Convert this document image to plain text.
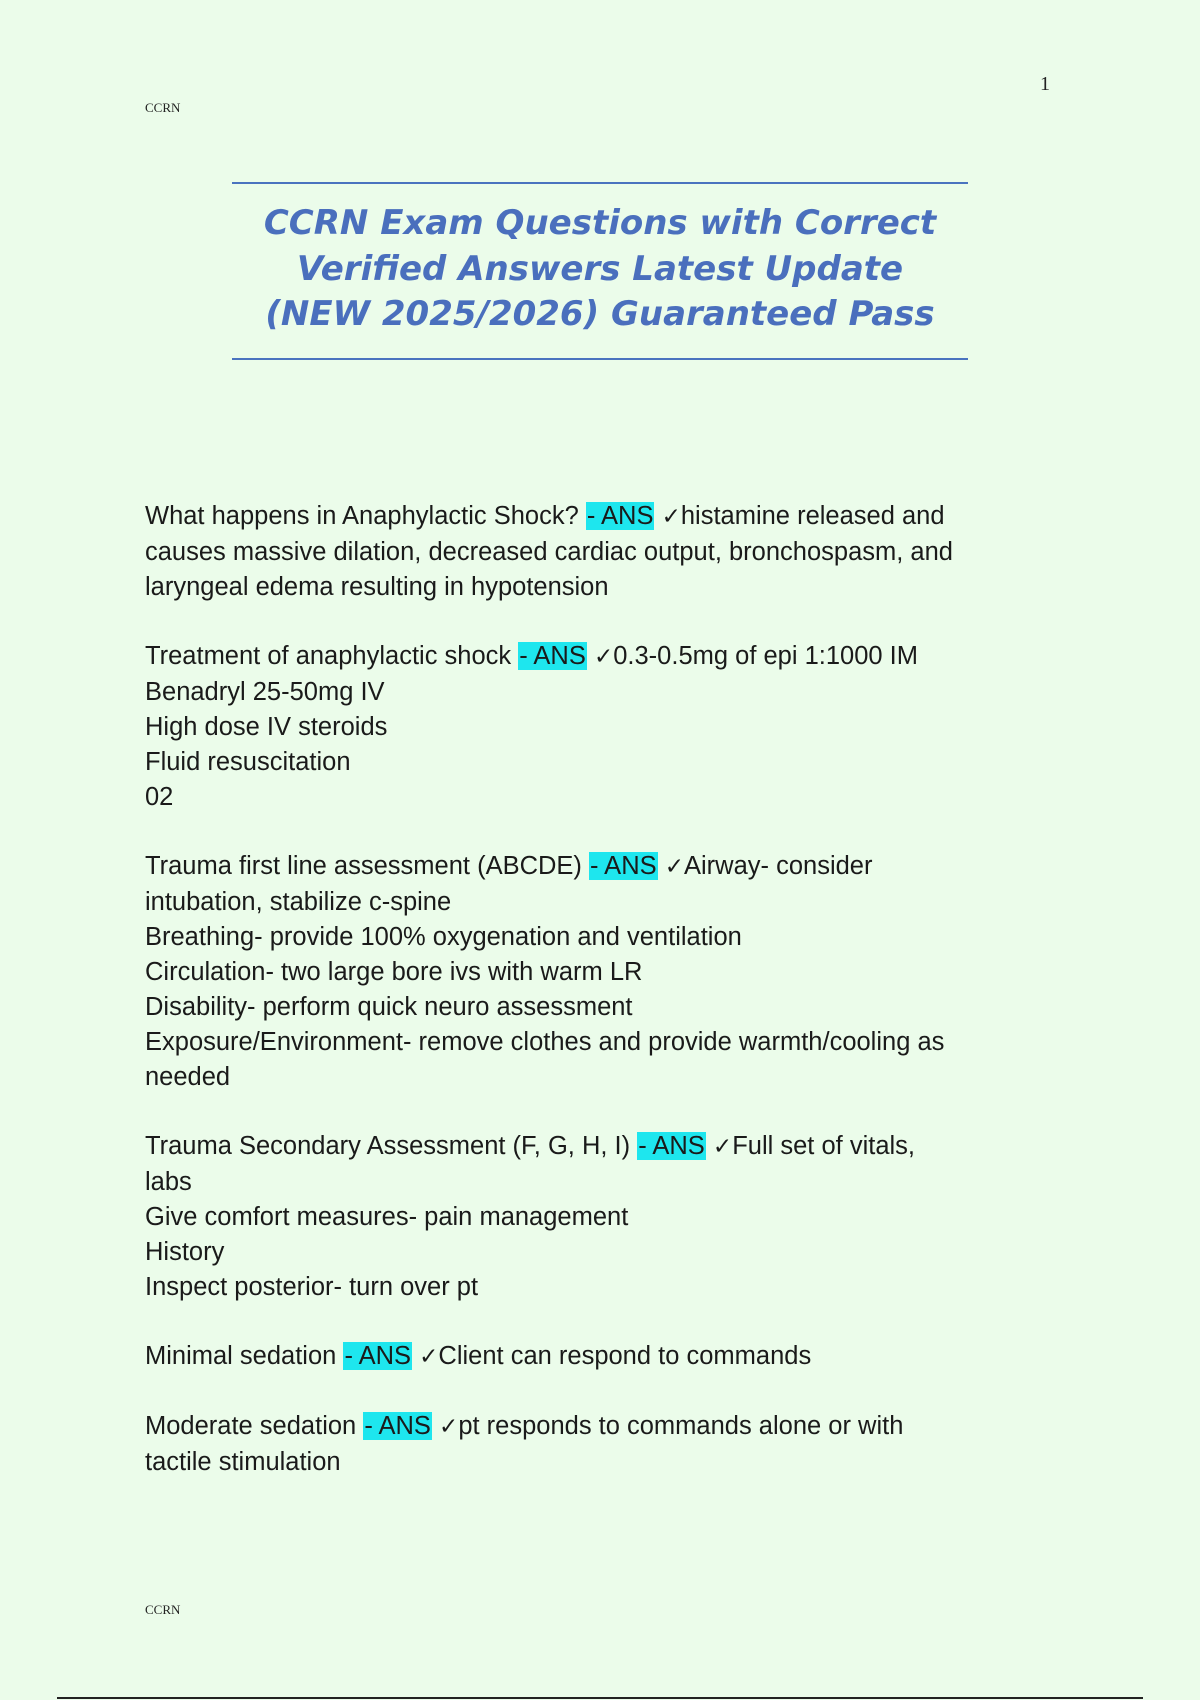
1
CCRN
CCRN Exam Questions with Correct
Verified Answers Latest Update
(NEW 2025/2026) Guaranteed Pass
What happens in Anaphylactic Shock? - ANS ✓histamine released and
causes massive dilation, decreased cardiac output, bronchospasm, and
laryngeal edema resulting in hypotension
Treatment of anaphylactic shock - ANS ✓0.3-0.5mg of epi 1:1000 IM
Benadryl 25-50mg IV
High dose IV steroids
Fluid resuscitation
02
Trauma first line assessment (ABCDE) - ANS ✓Airway- consider
intubation, stabilize c-spine
Breathing- provide 100% oxygenation and ventilation
Circulation- two large bore ivs with warm LR
Disability- perform quick neuro assessment
Exposure/Environment- remove clothes and provide warmth/cooling as
needed
Trauma Secondary Assessment (F, G, H, I) - ANS ✓Full set of vitals,
labs
Give comfort measures- pain management
History
Inspect posterior- turn over pt
Minimal sedation - ANS ✓Client can respond to commands
Moderate sedation - ANS ✓pt responds to commands alone or with
tactile stimulation
CCRN
